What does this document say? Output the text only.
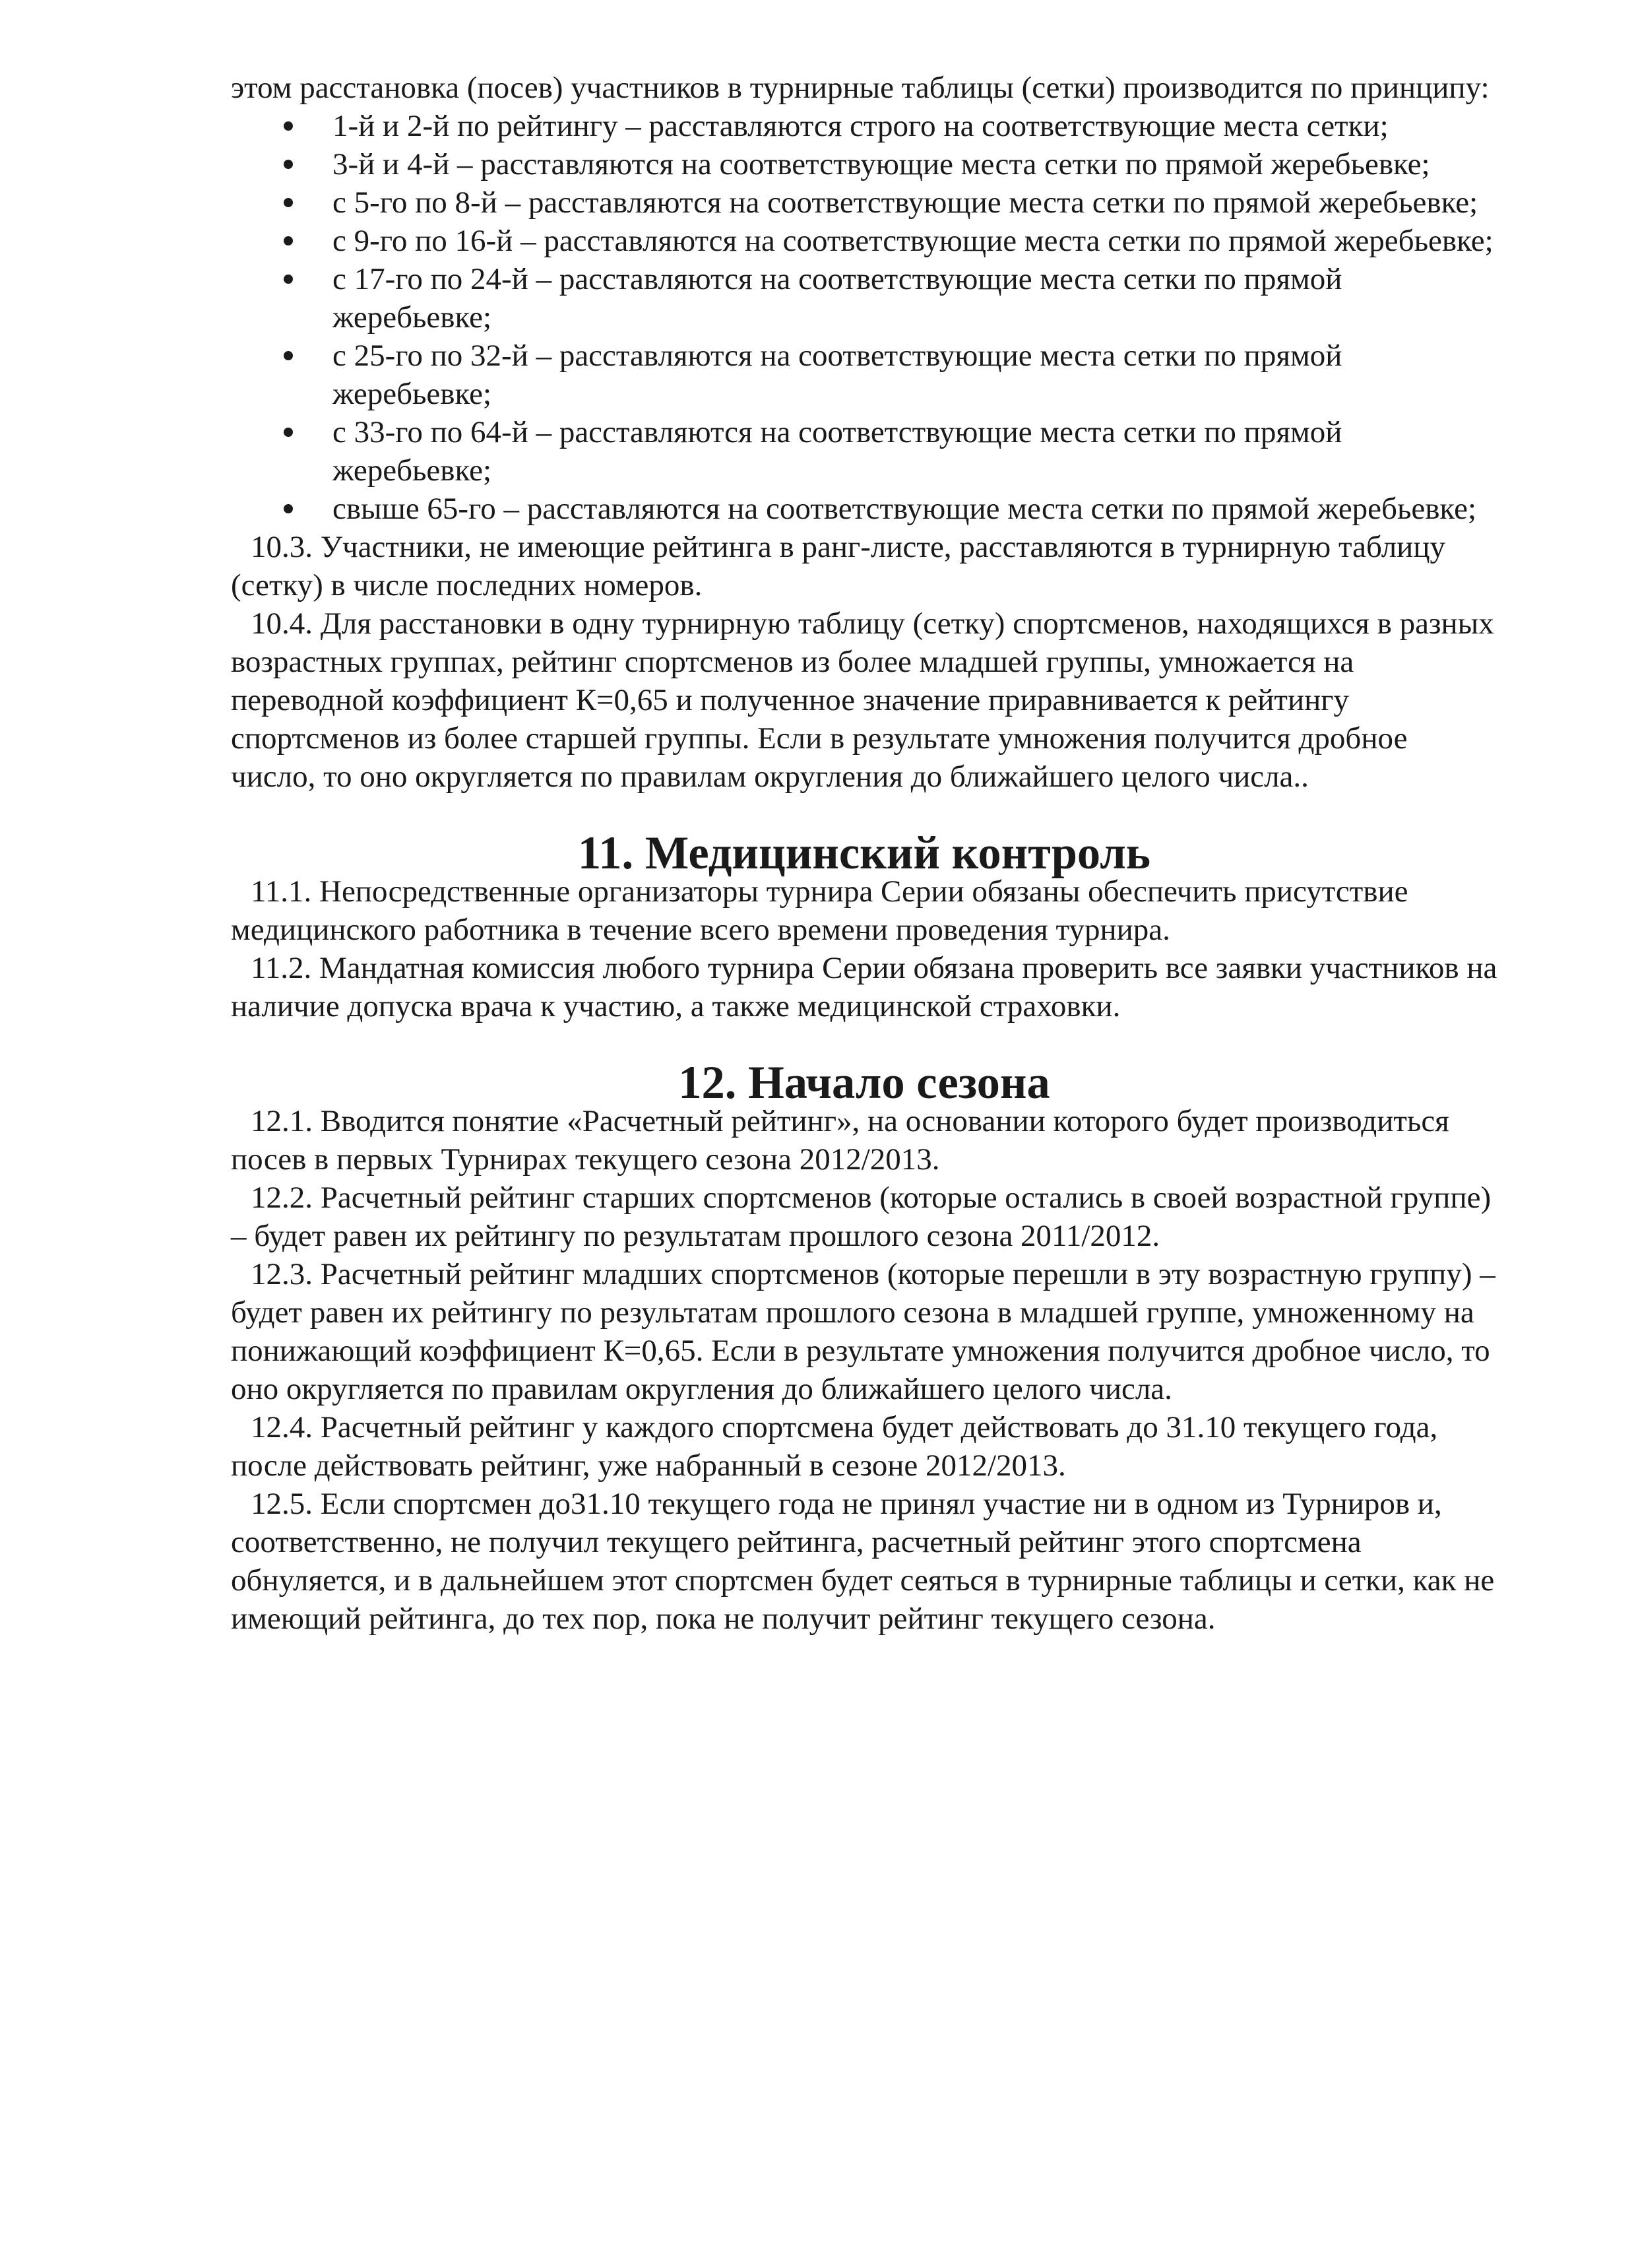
этом расстановка (посев) участников в турнирные таблицы (сетки) производится по принципу:

1-й и 2-й по рейтингу – расставляются строго на соответствующие места сетки;
3-й и 4-й – расставляются на соответствующие места сетки по прямой жеребьевке;
с 5-го по 8-й – расставляются на соответствующие места сетки по прямой жеребьевке;
с 9-го по 16-й – расставляются на соответствующие места сетки по прямой жеребьевке;
с 17-го по 24-й – расставляются на соответствующие места сетки по прямой жеребьевке;
с 25-го по 32-й – расставляются на соответствующие места сетки по прямой жеребьевке;
с 33-го по 64-й – расставляются на соответствующие места сетки по прямой жеребьевке;
свыше 65-го – расставляются на соответствующие места сетки по прямой жеребьевке;

10.3. Участники, не имеющие рейтинга в ранг-листе, расставляются в турнирную таблицу (сетку) в числе последних номеров.

10.4. Для расстановки в одну турнирную таблицу (сетку) спортсменов, находящихся в разных возрастных группах, рейтинг спортсменов из более младшей группы, умножается на переводной коэффициент К=0,65 и полученное значение приравнивается к рейтингу спортсменов из более старшей группы. Если в результате умножения получится дробное число, то оно округляется по правилам округления до ближайшего целого числа..

11. Медицинский контроль

11.1. Непосредственные организаторы турнира Серии обязаны обеспечить присутствие медицинского работника в течение всего времени проведения турнира.

11.2. Мандатная комиссия любого турнира Серии обязана проверить все заявки участников на наличие допуска врача к участию, а также медицинской страховки.

12. Начало сезона

12.1. Вводится понятие «Расчетный рейтинг», на основании которого будет производиться посев в первых Турнирах текущего сезона 2012/2013.

12.2. Расчетный рейтинг старших спортсменов (которые остались в своей возрастной группе) – будет равен их рейтингу по результатам прошлого сезона 2011/2012.

12.3. Расчетный рейтинг младших спортсменов (которые перешли в эту возрастную группу) – будет равен их рейтингу по результатам прошлого сезона в младшей группе, умноженному на понижающий коэффициент К=0,65. Если в результате умножения получится дробное число, то оно округляется по правилам округления до ближайшего целого числа.

12.4. Расчетный рейтинг у каждого спортсмена будет действовать до 31.10 текущего года, после действовать рейтинг, уже набранный в сезоне 2012/2013.

12.5. Если спортсмен до31.10 текущего года не принял участие ни в одном из Турниров и, соответственно, не получил текущего рейтинга, расчетный рейтинг этого спортсмена обнуляется, и в дальнейшем этот спортсмен будет сеяться в турнирные таблицы и сетки, как не имеющий рейтинга, до тех пор, пока не получит рейтинг текущего сезона.
